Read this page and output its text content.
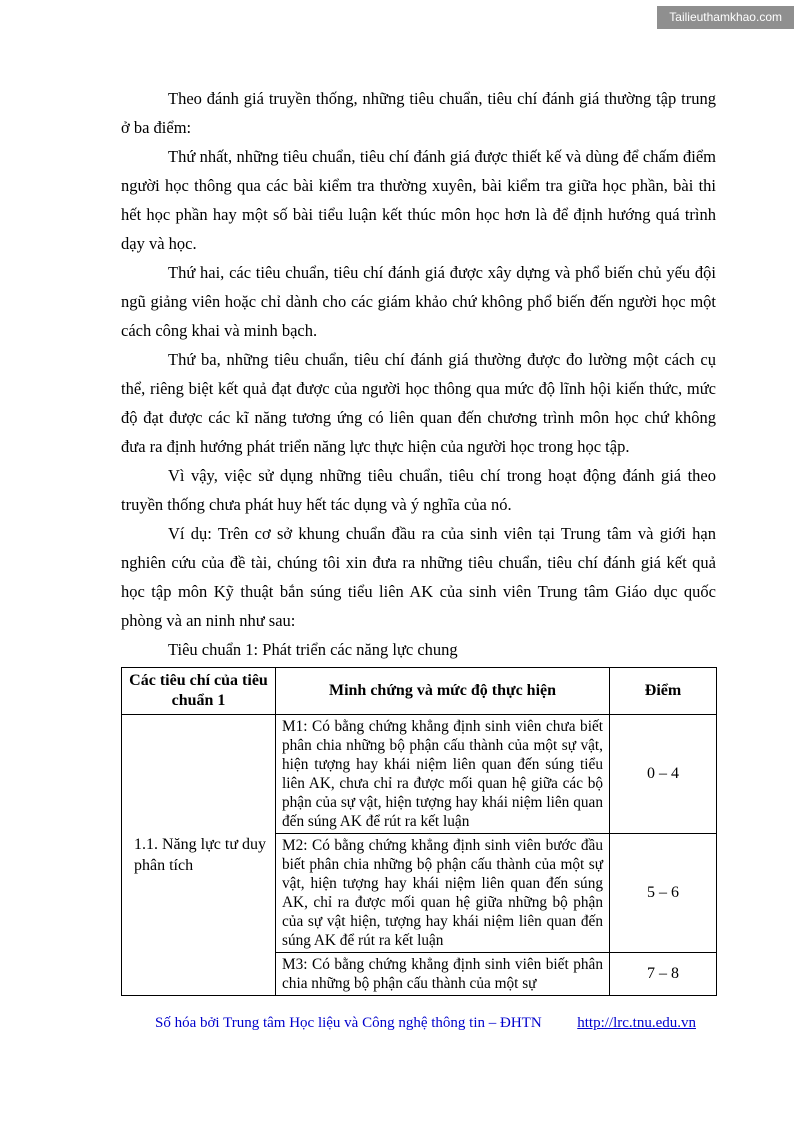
Tailieuthamkhao.com

Theo đánh giá truyền thống, những tiêu chuẩn, tiêu chí đánh giá thường tập trung ở ba điểm:

Thứ nhất, những tiêu chuẩn, tiêu chí đánh giá được thiết kế và dùng để chấm điểm người học thông qua các bài kiểm tra thường xuyên, bài kiểm tra giữa học phần, bài thi hết học phần hay một số bài tiểu luận kết thúc môn học hơn là để định hướng quá trình dạy và học.

Thứ hai, các tiêu chuẩn, tiêu chí đánh giá được xây dựng và phổ biến chủ yếu đội ngũ giảng viên hoặc chỉ dành cho các giám khảo chứ không phổ biến đến người học một cách công khai và minh bạch.

Thứ ba, những tiêu chuẩn, tiêu chí đánh giá thường được đo lường một cách cụ thể, riêng biệt kết quả đạt được của người học thông qua mức độ lĩnh hội kiến thức, mức độ đạt được các kĩ năng tương ứng có liên quan đến chương trình môn học chứ không đưa ra định hướng phát triển năng lực thực hiện của người học trong học tập.

Vì vậy, việc sử dụng những tiêu chuẩn, tiêu chí trong hoạt động đánh giá theo truyền thống chưa phát huy hết tác dụng và ý nghĩa của nó.

Ví dụ: Trên cơ sở khung chuẩn đầu ra của sinh viên tại Trung tâm và giới hạn nghiên cứu của đề tài, chúng tôi xin đưa ra những tiêu chuẩn, tiêu chí đánh giá kết quả học tập môn Kỹ thuật bắn súng tiểu liên AK của sinh viên Trung tâm Giáo dục quốc phòng và an ninh như sau:

Tiêu chuẩn 1: Phát triển các năng lực chung

Các tiêu chí của tiêu chuẩn 1	Minh chứng và mức độ thực hiện	Điểm
1.1. Năng lực tư duy phân tích	M1: Có bằng chứng khẳng định sinh viên chưa biết phân chia những bộ phận cấu thành của một sự vật, hiện tượng hay khái niệm liên quan đến súng tiểu liên AK, chưa chỉ ra được mối quan hệ giữa các bộ phận của sự vật, hiện tượng hay khái niệm liên quan đến súng AK để rút ra kết luận	0 – 4
	M2: Có bằng chứng khẳng định sinh viên bước đầu biết phân chia những bộ phận cấu thành của một sự vật, hiện tượng hay khái niệm liên quan đến súng AK, chỉ ra được mối quan hệ giữa những bộ phận của sự vật hiện, tượng hay khái niệm liên quan đến súng AK để rút ra kết luận	5 – 6
	M3: Có bằng chứng khẳng định sinh viên biết phân chia những bộ phận cấu thành của một sự	7 – 8
Số hóa bởi Trung tâm Học liệu và Công nghệ thông tin – ĐHTN http://lrc.tnu.edu.vn
